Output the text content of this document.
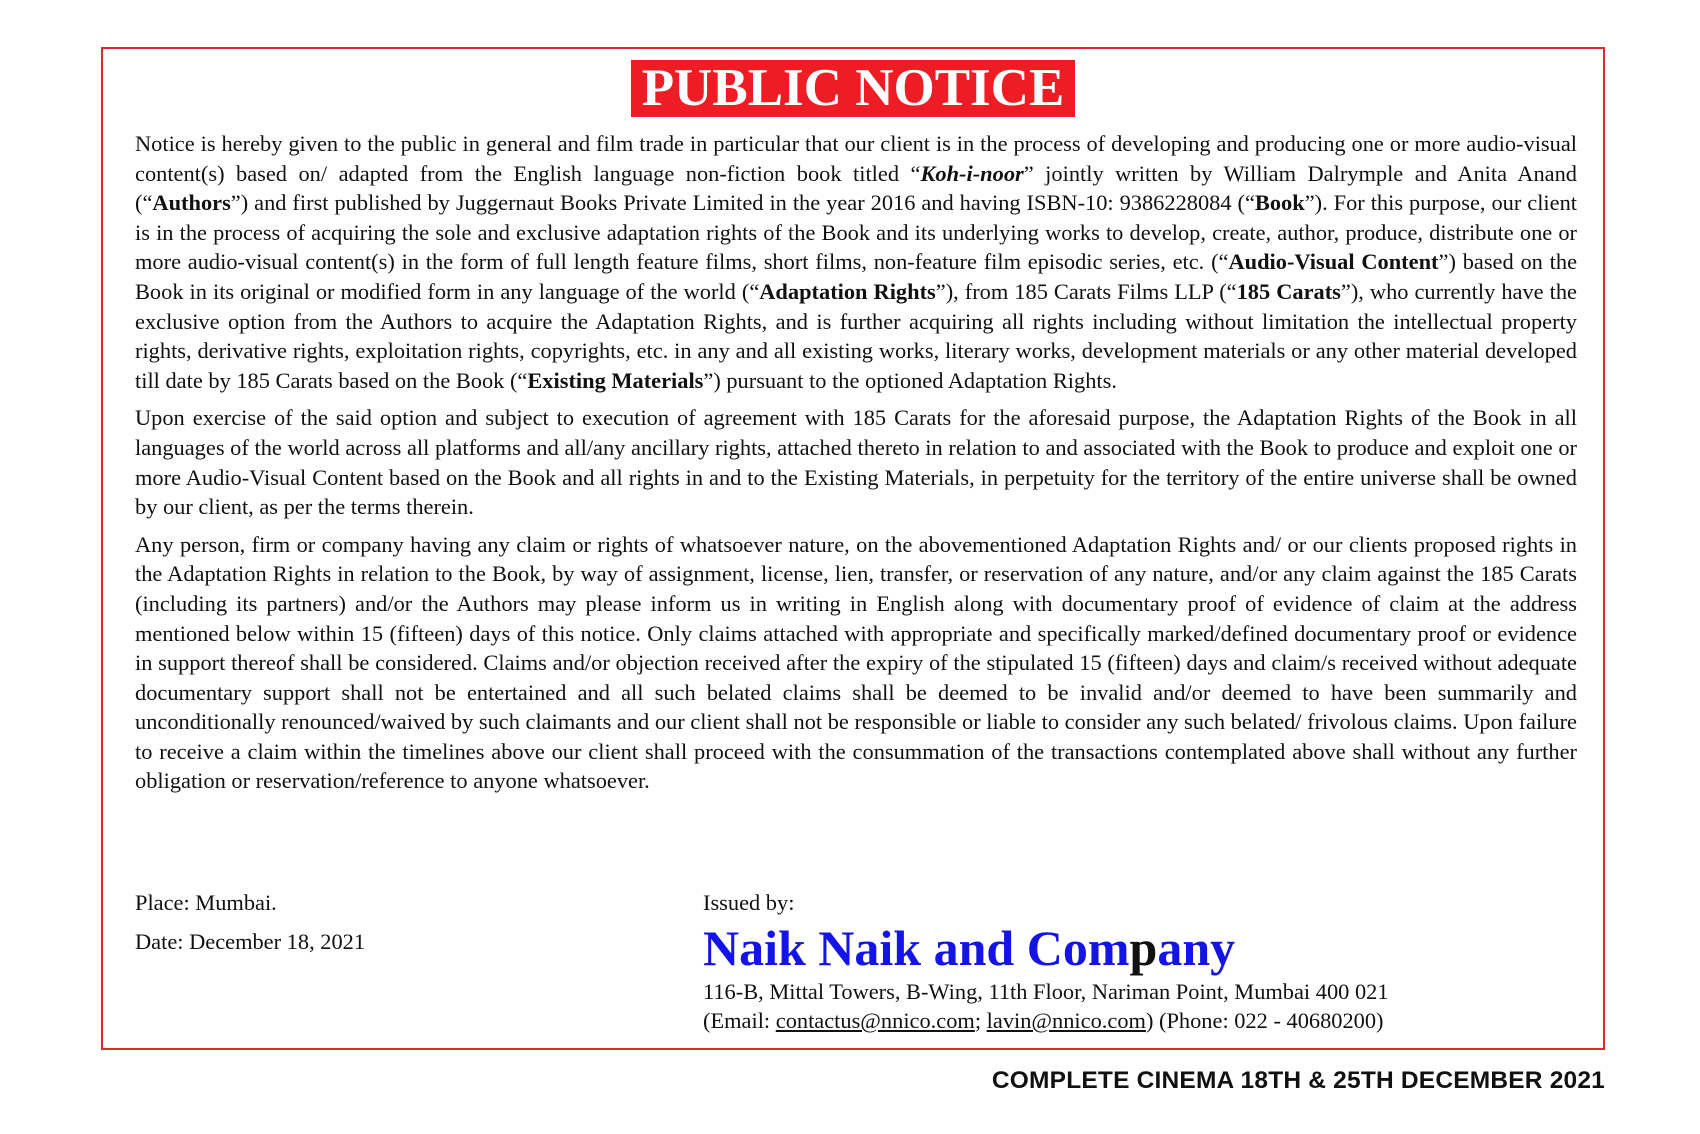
PUBLIC NOTICE

Notice is hereby given to the public in general and film trade in particular that our client is in the process of developing and producing one or more audio-visual content(s) based on/ adapted from the English language non-fiction book titled “Koh-i-noor” jointly written by William Dalrymple and Anita Anand (“Authors”) and first published by Juggernaut Books Private Limited in the year 2016 and having ISBN-10: 9386228084 (“Book”). For this purpose, our client is in the process of acquiring the sole and exclusive adaptation rights of the Book and its underlying works to develop, create, author, produce, distribute one or more audio-visual content(s) in the form of full length feature films, short films, non-feature film episodic series, etc. (“Audio-Visual Content”) based on the Book in its original or modified form in any language of the world (“Adaptation Rights”), from 185 Carats Films LLP (“185 Carats”), who currently have the exclusive option from the Authors to acquire the Adaptation Rights, and is further acquiring all rights including without limitation the intellectual property rights, derivative rights, exploitation rights, copyrights, etc. in any and all existing works, literary works, development materials or any other material developed till date by 185 Carats based on the Book (“Existing Materials”) pursuant to the optioned Adaptation Rights.

Upon exercise of the said option and subject to execution of agreement with 185 Carats for the aforesaid purpose, the Adaptation Rights of the Book in all languages of the world across all platforms and all/any ancillary rights, attached thereto in relation to and associated with the Book to produce and exploit one or more Audio-Visual Content based on the Book and all rights in and to the Existing Materials, in perpetuity for the territory of the entire universe shall be owned by our client, as per the terms therein.

Any person, firm or company having any claim or rights of whatsoever nature, on the abovementioned Adaptation Rights and/ or our clients proposed rights in the Adaptation Rights in relation to the Book, by way of assignment, license, lien, transfer, or reservation of any nature, and/or any claim against the 185 Carats (including its partners) and/or the Authors may please inform us in writing in English along with documentary proof of evidence of claim at the address mentioned below within 15 (fifteen) days of this notice. Only claims attached with appropriate and specifically marked/defined documentary proof or evidence in support thereof shall be considered. Claims and/or objection received after the expiry of the stipulated 15 (fifteen) days and claim/s received without adequate documentary support shall not be entertained and all such belated claims shall be deemed to be invalid and/or deemed to have been summarily and unconditionally renounced/waived by such claimants and our client shall not be responsible or liable to consider any such belated/ frivolous claims. Upon failure to receive a claim within the timelines above our client shall proceed with the consummation of the transactions contemplated above shall without any further obligation or reservation/reference to anyone whatsoever.

Place: Mumbai.
Date: December 18, 2021
Issued by:
Naik Naik and Company
116-B, Mittal Towers, B-Wing, 11th Floor, Nariman Point, Mumbai 400 021
(Email: contactus@nnico.com; lavin@nnico.com) (Phone: 022 - 40680200)
COMPLETE CINEMA 18TH & 25TH DECEMBER 2021
